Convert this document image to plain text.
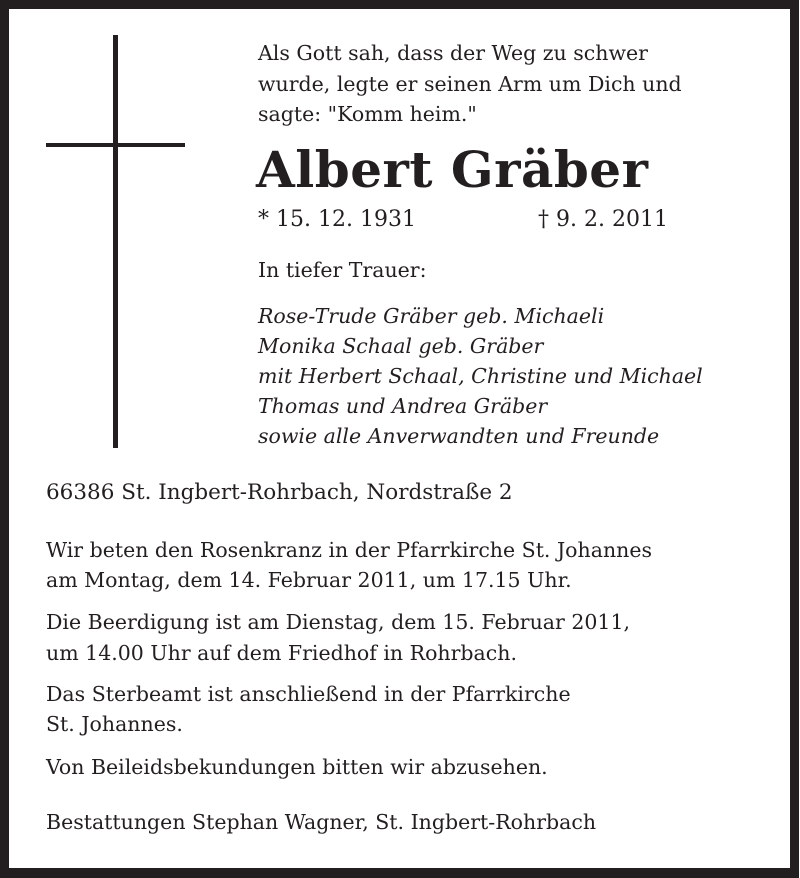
Als Gott sah, dass der Weg zu schwer
wurde, legte er seinen Arm um Dich und
sagte: "Komm heim."
Albert Gräber
* 15. 12. 1931	† 9. 2. 2011
In tiefer Trauer:
Rose-Trude Gräber geb. Michaeli
Monika Schaal geb. Gräber
mit Herbert Schaal, Christine und Michael
Thomas und Andrea Gräber
sowie alle Anverwandten und Freunde
66386 St. Ingbert-Rohrbach, Nordstraße 2
Wir beten den Rosenkranz in der Pfarrkirche St. Johannes
am Montag, dem 14. Februar 2011, um 17.15 Uhr.
Die Beerdigung ist am Dienstag, dem 15. Februar 2011,
um 14.00 Uhr auf dem Friedhof in Rohrbach.
Das Sterbeamt ist anschließend in der Pfarrkirche
St. Johannes.
Von Beileidsbekundungen bitten wir abzusehen.
Bestattungen Stephan Wagner, St. Ingbert-Rohrbach
